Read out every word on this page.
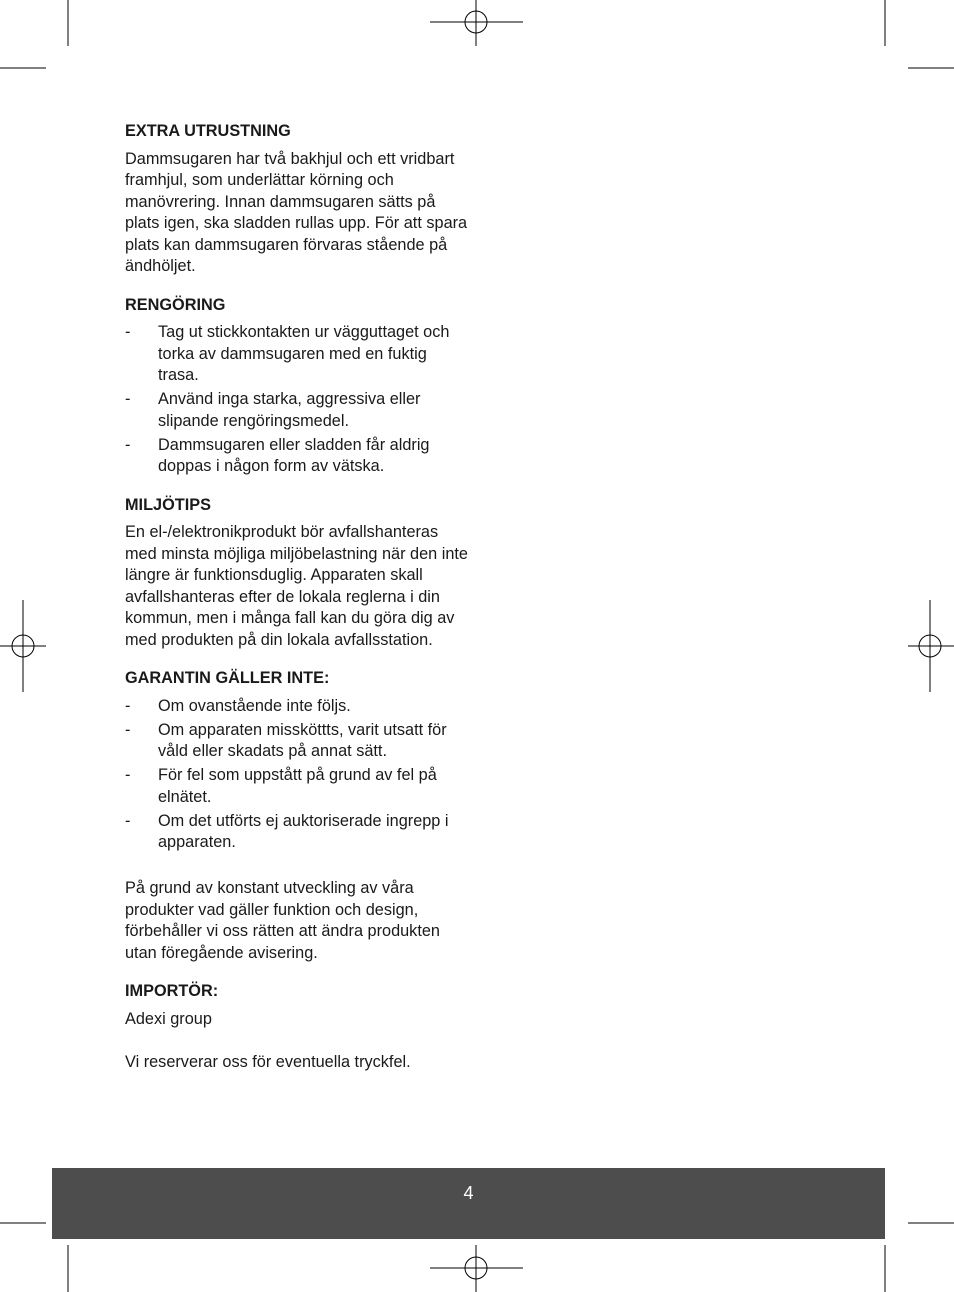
EXTRA UTRUSTNING

Dammsugaren har två bakhjul och ett vridbart framhjul, som underlättar körning och manövrering. Innan dammsugaren sätts på plats igen, ska sladden rullas upp. För att spara plats kan dammsugaren förvaras stående på ändhöljet.

RENGÖRING
- Tag ut stickkontakten ur vägguttaget och torka av dammsugaren med en fuktig trasa.
- Använd inga starka, aggressiva eller slipande rengöringsmedel.
- Dammsugaren eller sladden får aldrig doppas i någon form av vätska.
MILJÖTIPS

En el-/elektronikprodukt bör avfallshanteras med minsta möjliga miljöbelastning när den inte längre är funktionsduglig. Apparaten skall avfallshanteras efter de lokala reglerna i din kommun, men i många fall kan du göra dig av med produkten på din lokala avfallsstation.

GARANTIN GÄLLER INTE:
- Om ovanstående inte följs.
- Om apparaten missköttts, varit utsatt för våld eller skadats på annat sätt.
- För fel som uppstått på grund av fel på elnätet.
- Om det utförts ej auktoriserade ingrepp i apparaten.

På grund av konstant utveckling av våra produkter vad gäller funktion och design, förbehåller vi oss rätten att ändra produkten utan föregående avisering.

IMPORTÖR:

Adexi group

Vi reserverar oss för eventuella tryckfel.

4
